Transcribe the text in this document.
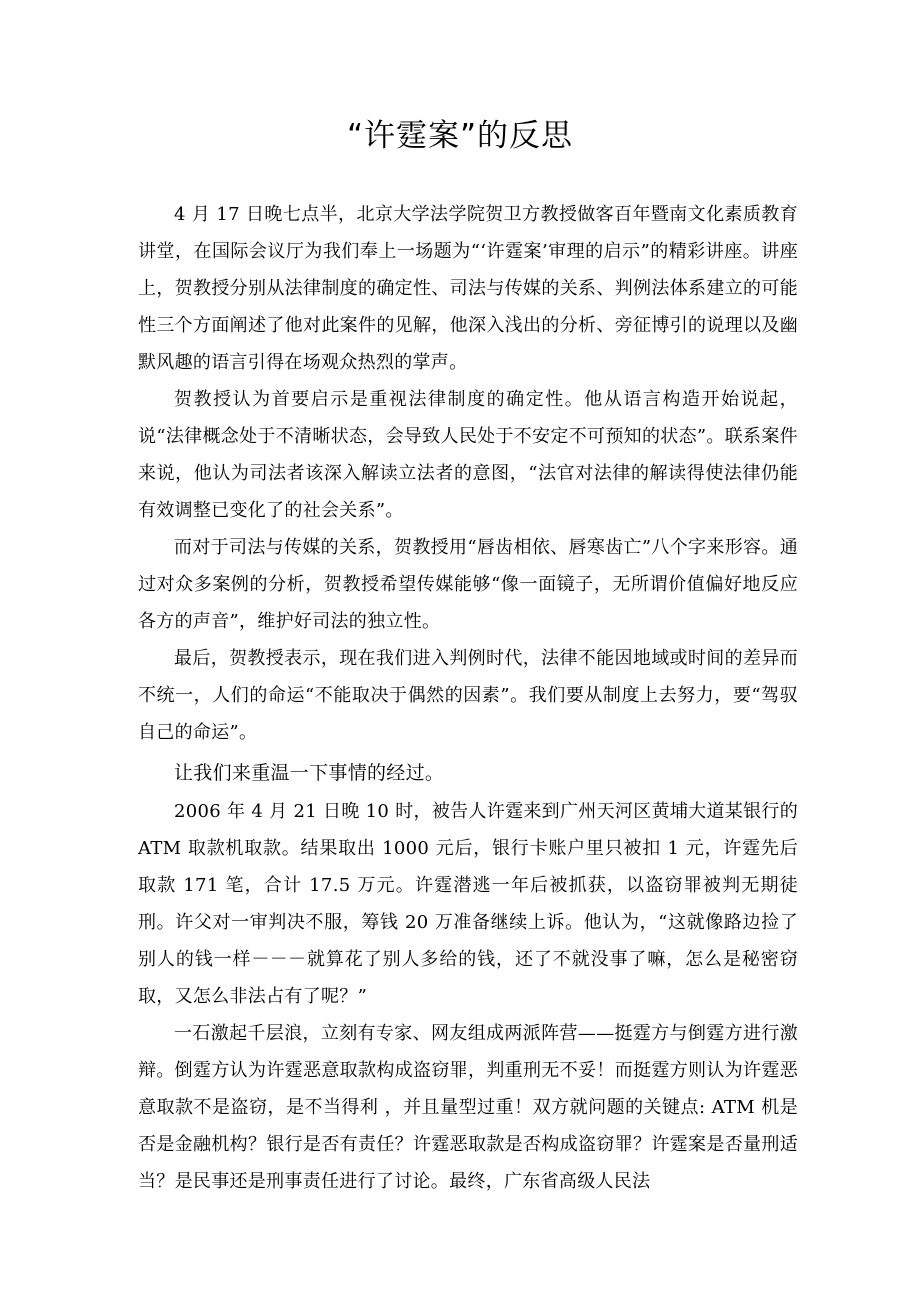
“许霆案”的反思

4 月 17 日晚七点半，北京大学法学院贺卫方教授做客百年暨南文化素质教育讲堂，在国际会议厅为我们奉上一场题为“‘许霆案’审理的启示”的精彩讲座。讲座上，贺教授分别从法律制度的确定性、司法与传媒的关系、判例法体系建立的可能性三个方面阐述了他对此案件的见解，他深入浅出的分析、旁征博引的说理以及幽默风趣的语言引得在场观众热烈的掌声。

贺教授认为首要启示是重视法律制度的确定性。他从语言构造开始说起，说“法律概念处于不清晰状态，会导致人民处于不安定不可预知的状态”。联系案件来说，他认为司法者该深入解读立法者的意图，“法官对法律的解读得使法律仍能有效调整已变化了的社会关系”。

而对于司法与传媒的关系，贺教授用“唇齿相依、唇寒齿亡”八个字来形容。通过对众多案例的分析，贺教授希望传媒能够“像一面镜子，无所谓价值偏好地反应各方的声音”，维护好司法的独立性。

最后，贺教授表示，现在我们进入判例时代，法律不能因地域或时间的差异而不统一，人们的命运“不能取决于偶然的因素”。我们要从制度上去努力，要“驾驭自己的命运”。

让我们来重温一下事情的经过。

2006 年 4 月 21 日晚 10 时，被告人许霆来到广州天河区黄埔大道某银行的 ATM 取款机取款。结果取出 1000 元后，银行卡账户里只被扣 1 元，许霆先后取款 171 笔，合计 17.5 万元。许霆潜逃一年后被抓获，以盗窃罪被判无期徒刑。许父对一审判决不服，筹钱 20 万准备继续上诉。他认为，“这就像路边捡了别人的钱一样－－－就算花了别人多给的钱，还了不就没事了嘛，怎么是秘密窃取，又怎么非法占有了呢？”

一石激起千层浪，立刻有专家、网友组成两派阵营——挺霆方与倒霆方进行激辩。倒霆方认为许霆恶意取款构成盗窃罪，判重刑无不妥！而挺霆方则认为许霆恶意取款不是盗窃，是不当得利 ，并且量型过重！双方就问题的关键点: ATM 机是否是金融机构？银行是否有责任？许霆恶取款是否构成盗窃罪？许霆案是否量刑适当？是民事还是刑事责任进行了讨论。最终，广东省高级人民法
